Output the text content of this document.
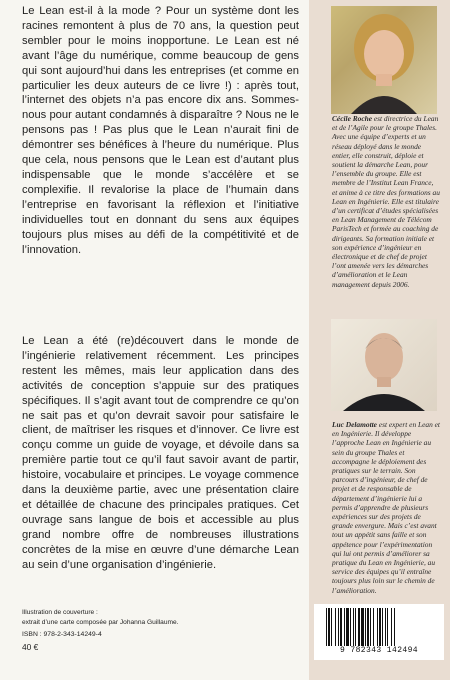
Le Lean est-il à la mode ? Pour un système dont les racines remontent à plus de 70 ans, la question peut sembler pour le moins inopportune. Le Lean est né avant l’âge du numérique, comme beaucoup de gens qui sont aujourd’hui dans les entreprises (et comme en particulier les deux auteurs de ce livre !) : après tout, l’internet des objets n’a pas encore dix ans. Sommes-nous pour autant condamnés à disparaître ? Nous ne le pensons pas ! Pas plus que le Lean n’aurait fini de démontrer ses bénéfices à l’heure du numérique. Plus que cela, nous pensons que le Lean est d’autant plus indispensable que le monde s’accélère et se complexifie. Il revalorise la place de l’humain dans l’entreprise en favorisant la réflexion et l’initiative individuelles tout en donnant du sens aux équipes toujours plus mises au défi de la compétitivité et de l’innovation.

Le Lean a été (re)découvert dans le monde de l’ingénierie relativement récemment. Les principes restent les mêmes, mais leur application dans des activités de conception s’appuie sur des pratiques spécifiques. Il s’agit avant tout de comprendre ce qu’on ne sait pas et qu’on devrait savoir pour satisfaire le client, de maîtriser les risques et d’innover. Ce livre est conçu comme un guide de voyage, et dévoile dans sa première partie tout ce qu’il faut savoir avant de partir, histoire, vocabulaire et principes. Le voyage commence dans la deuxième partie, avec une présentation claire et détaillée de chacune des principales pratiques. Cet ouvrage sans langue de bois et accessible au plus grand nombre offre de nombreuses illustrations concrètes de la mise en œuvre d’une démarche Lean au sein d’une organisation d’ingénierie.

Illustration de couverture :
extrait d’une carte composée par Johanna Guillaume.
ISBN : 978-2-343-14249-4
40 €

Cécile Roche est directrice du Lean et de l’Agile pour le groupe Thales. Avec une équipe d’experts et un réseau déployé dans le monde entier, elle construit, déploie et soutient la démarche Lean, pour l’ensemble du groupe. Elle est membre de l’Institut Lean France, et anime à ce titre des formations au Lean en Ingénierie. Elle est titulaire d’un certificat d’études spécialisées en Lean Management de Télécom ParisTech et formée au coaching de dirigeants. Sa formation initiale et son expérience d’ingénieur en électronique et de chef de projet l’ont amenée vers les démarches d’amélioration et le Lean management depuis 2006.

Luc Delamotte est expert en Lean et en Ingénierie. Il développe l’approche Lean en Ingénierie au sein du groupe Thales et accompagne le déploiement des pratiques sur le terrain. Son parcours d’ingénieur, de chef de projet et de responsable de département d’ingénierie lui a permis d’apprendre de plusieurs expériences sur des projets de grande envergure. Mais c’est avant tout un appétit sans faille et son appétence pour l’expérimentation qui lui ont permis d’améliorer sa pratique du Lean en Ingénierie, au service des équipes qu’il entraîne toujours plus loin sur le chemin de l’amélioration.

9 782343 142494
